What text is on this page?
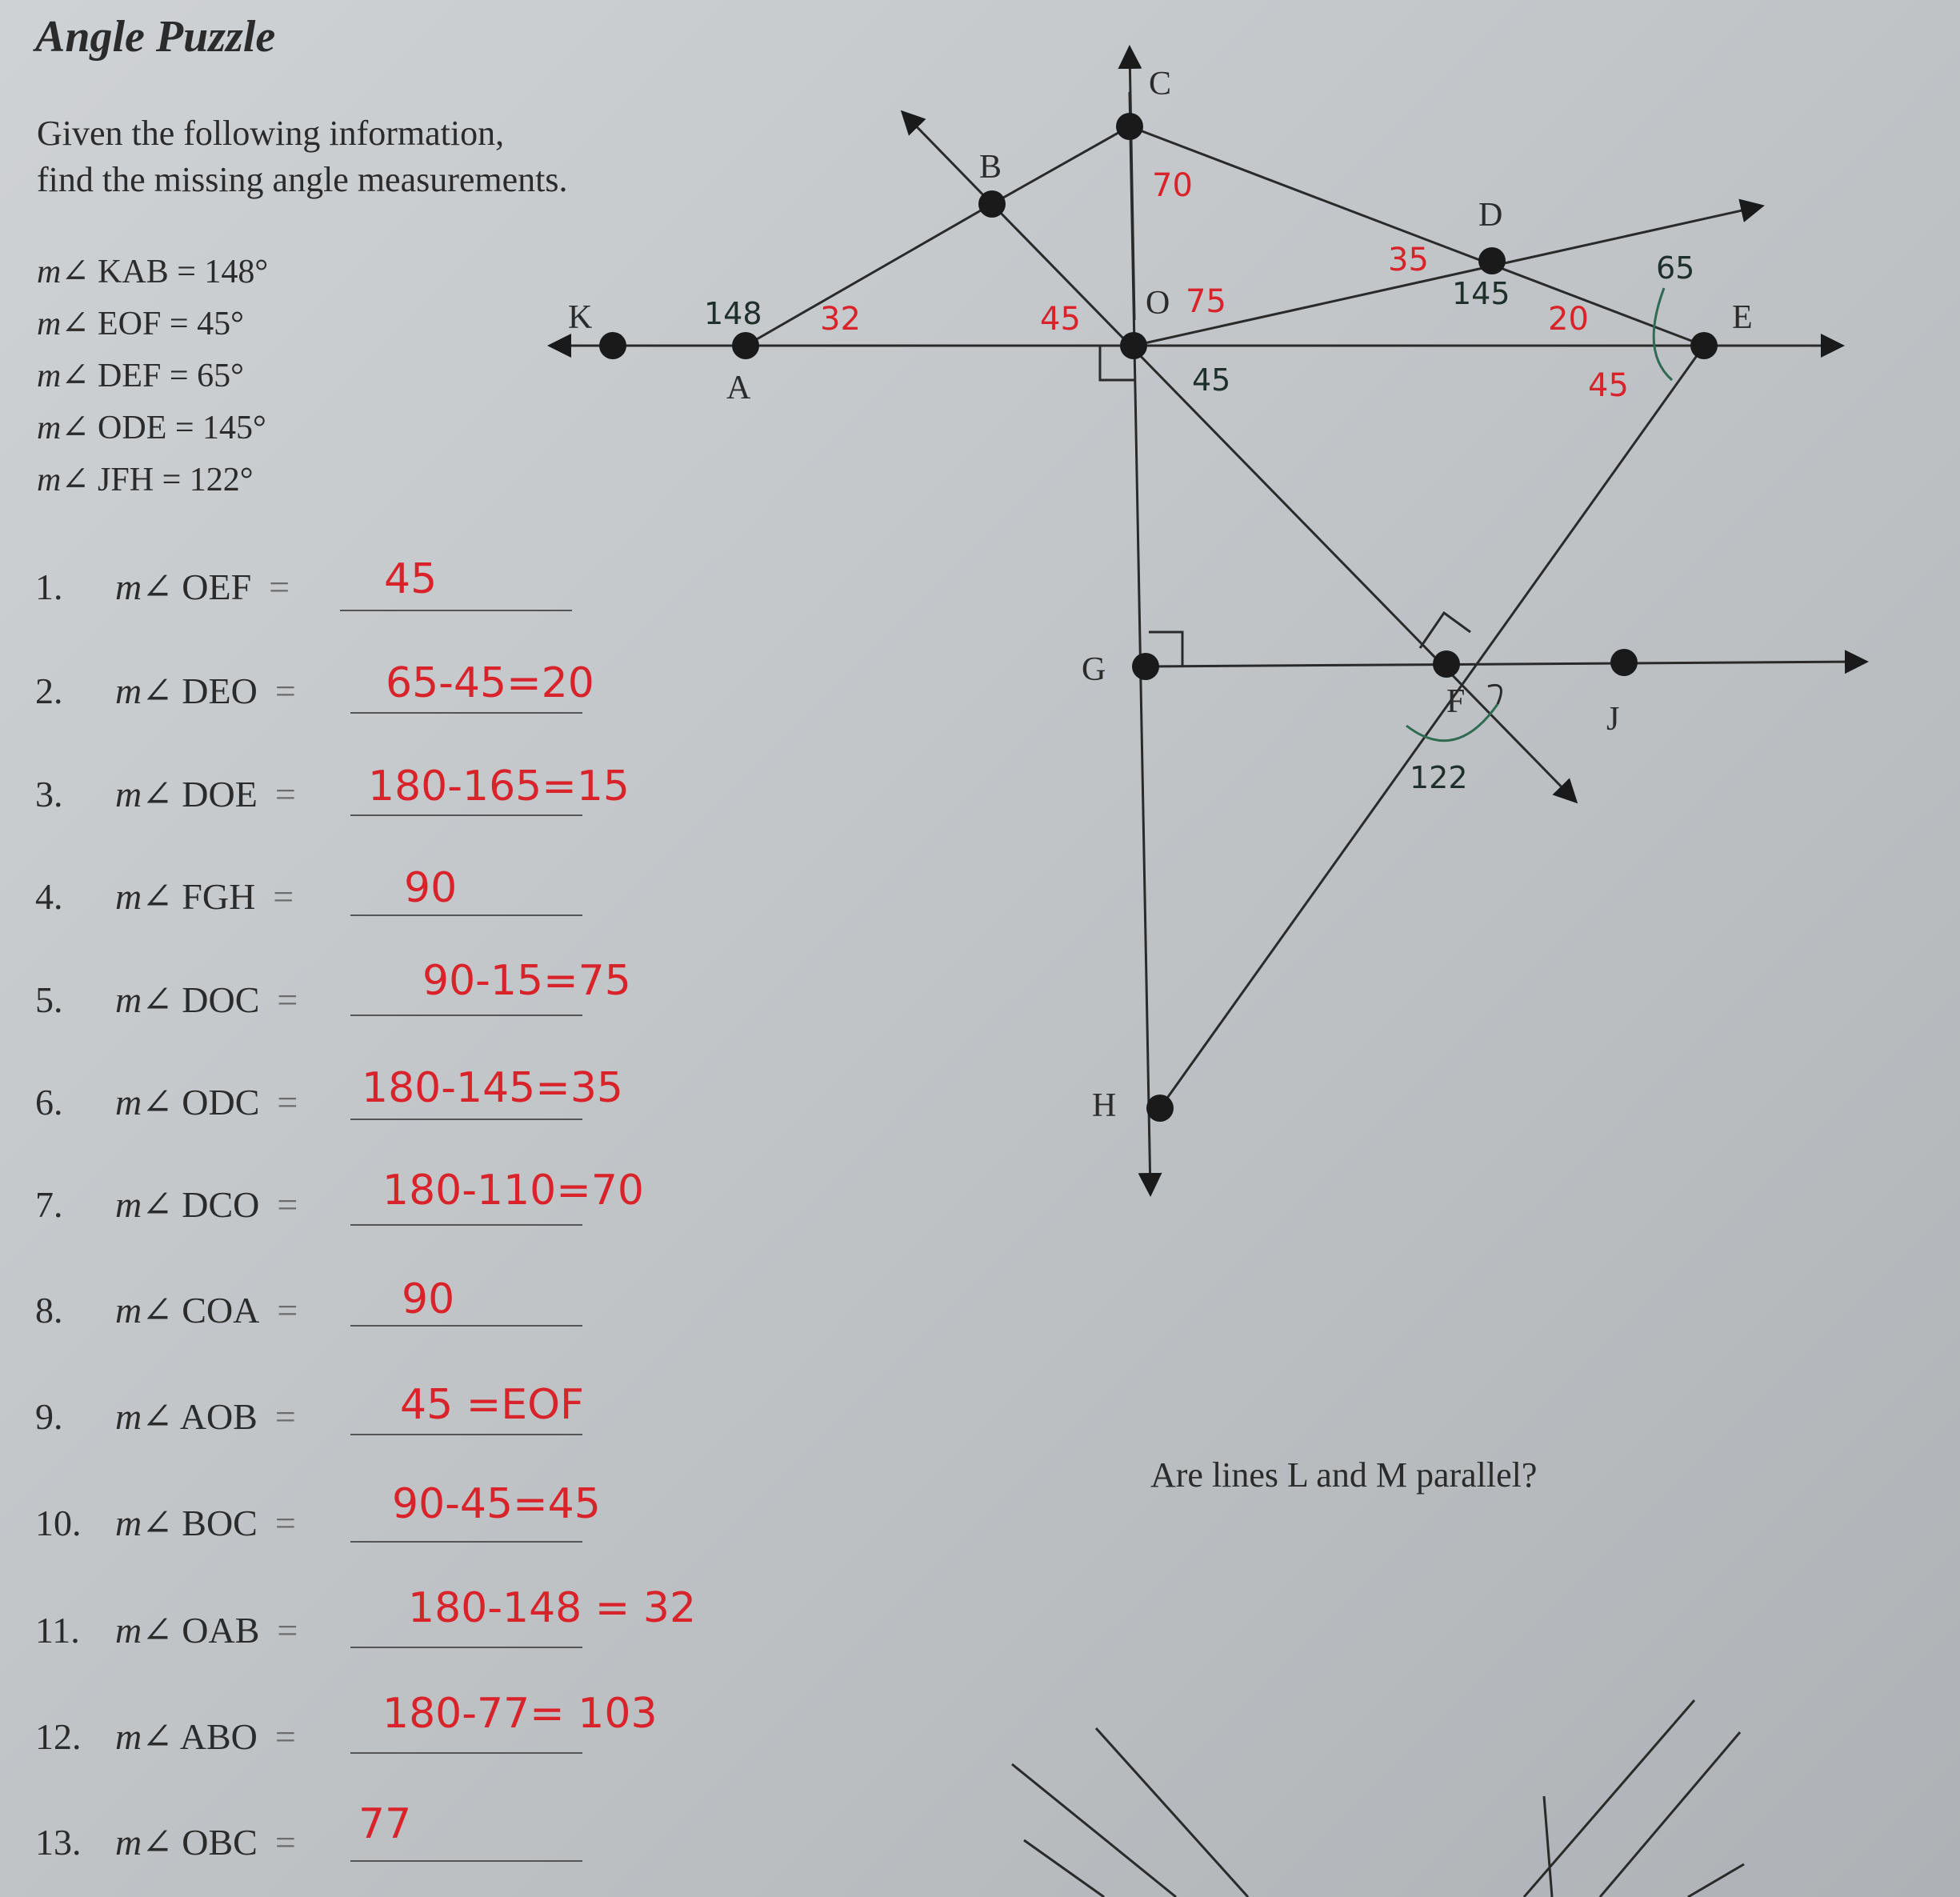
Angle Puzzle
Given the following information,
find the missing angle measurements.
m∠ KAB = 148°
m∠ EOF = 45°
m∠ DEF = 65°
m∠ ODE = 145°
m∠ JFH = 122°
1. m∠ OEF =
2. m∠ DEO =
3. m∠ DOE =
4. m∠ FGH =
5. m∠ DOC =
6. m∠ ODC =
7. m∠ DCO =
8. m∠ COA =
9. m∠ AOB =
10. m∠ BOC =
11. m∠ OAB =
12. m∠ ABO =
13. m∠ OBC =
45
65-45=20
180-165=15
90
90-15=75
180-145=35
180-110=70
90
45 =EOF
90-45=45
180-148 = 32
180-77= 103
77
Are lines L and M parallel?
K
A
B
C
D
E
O
G
F	J
H
148 32	45
70
75
45
35
145
20
65
45
122
